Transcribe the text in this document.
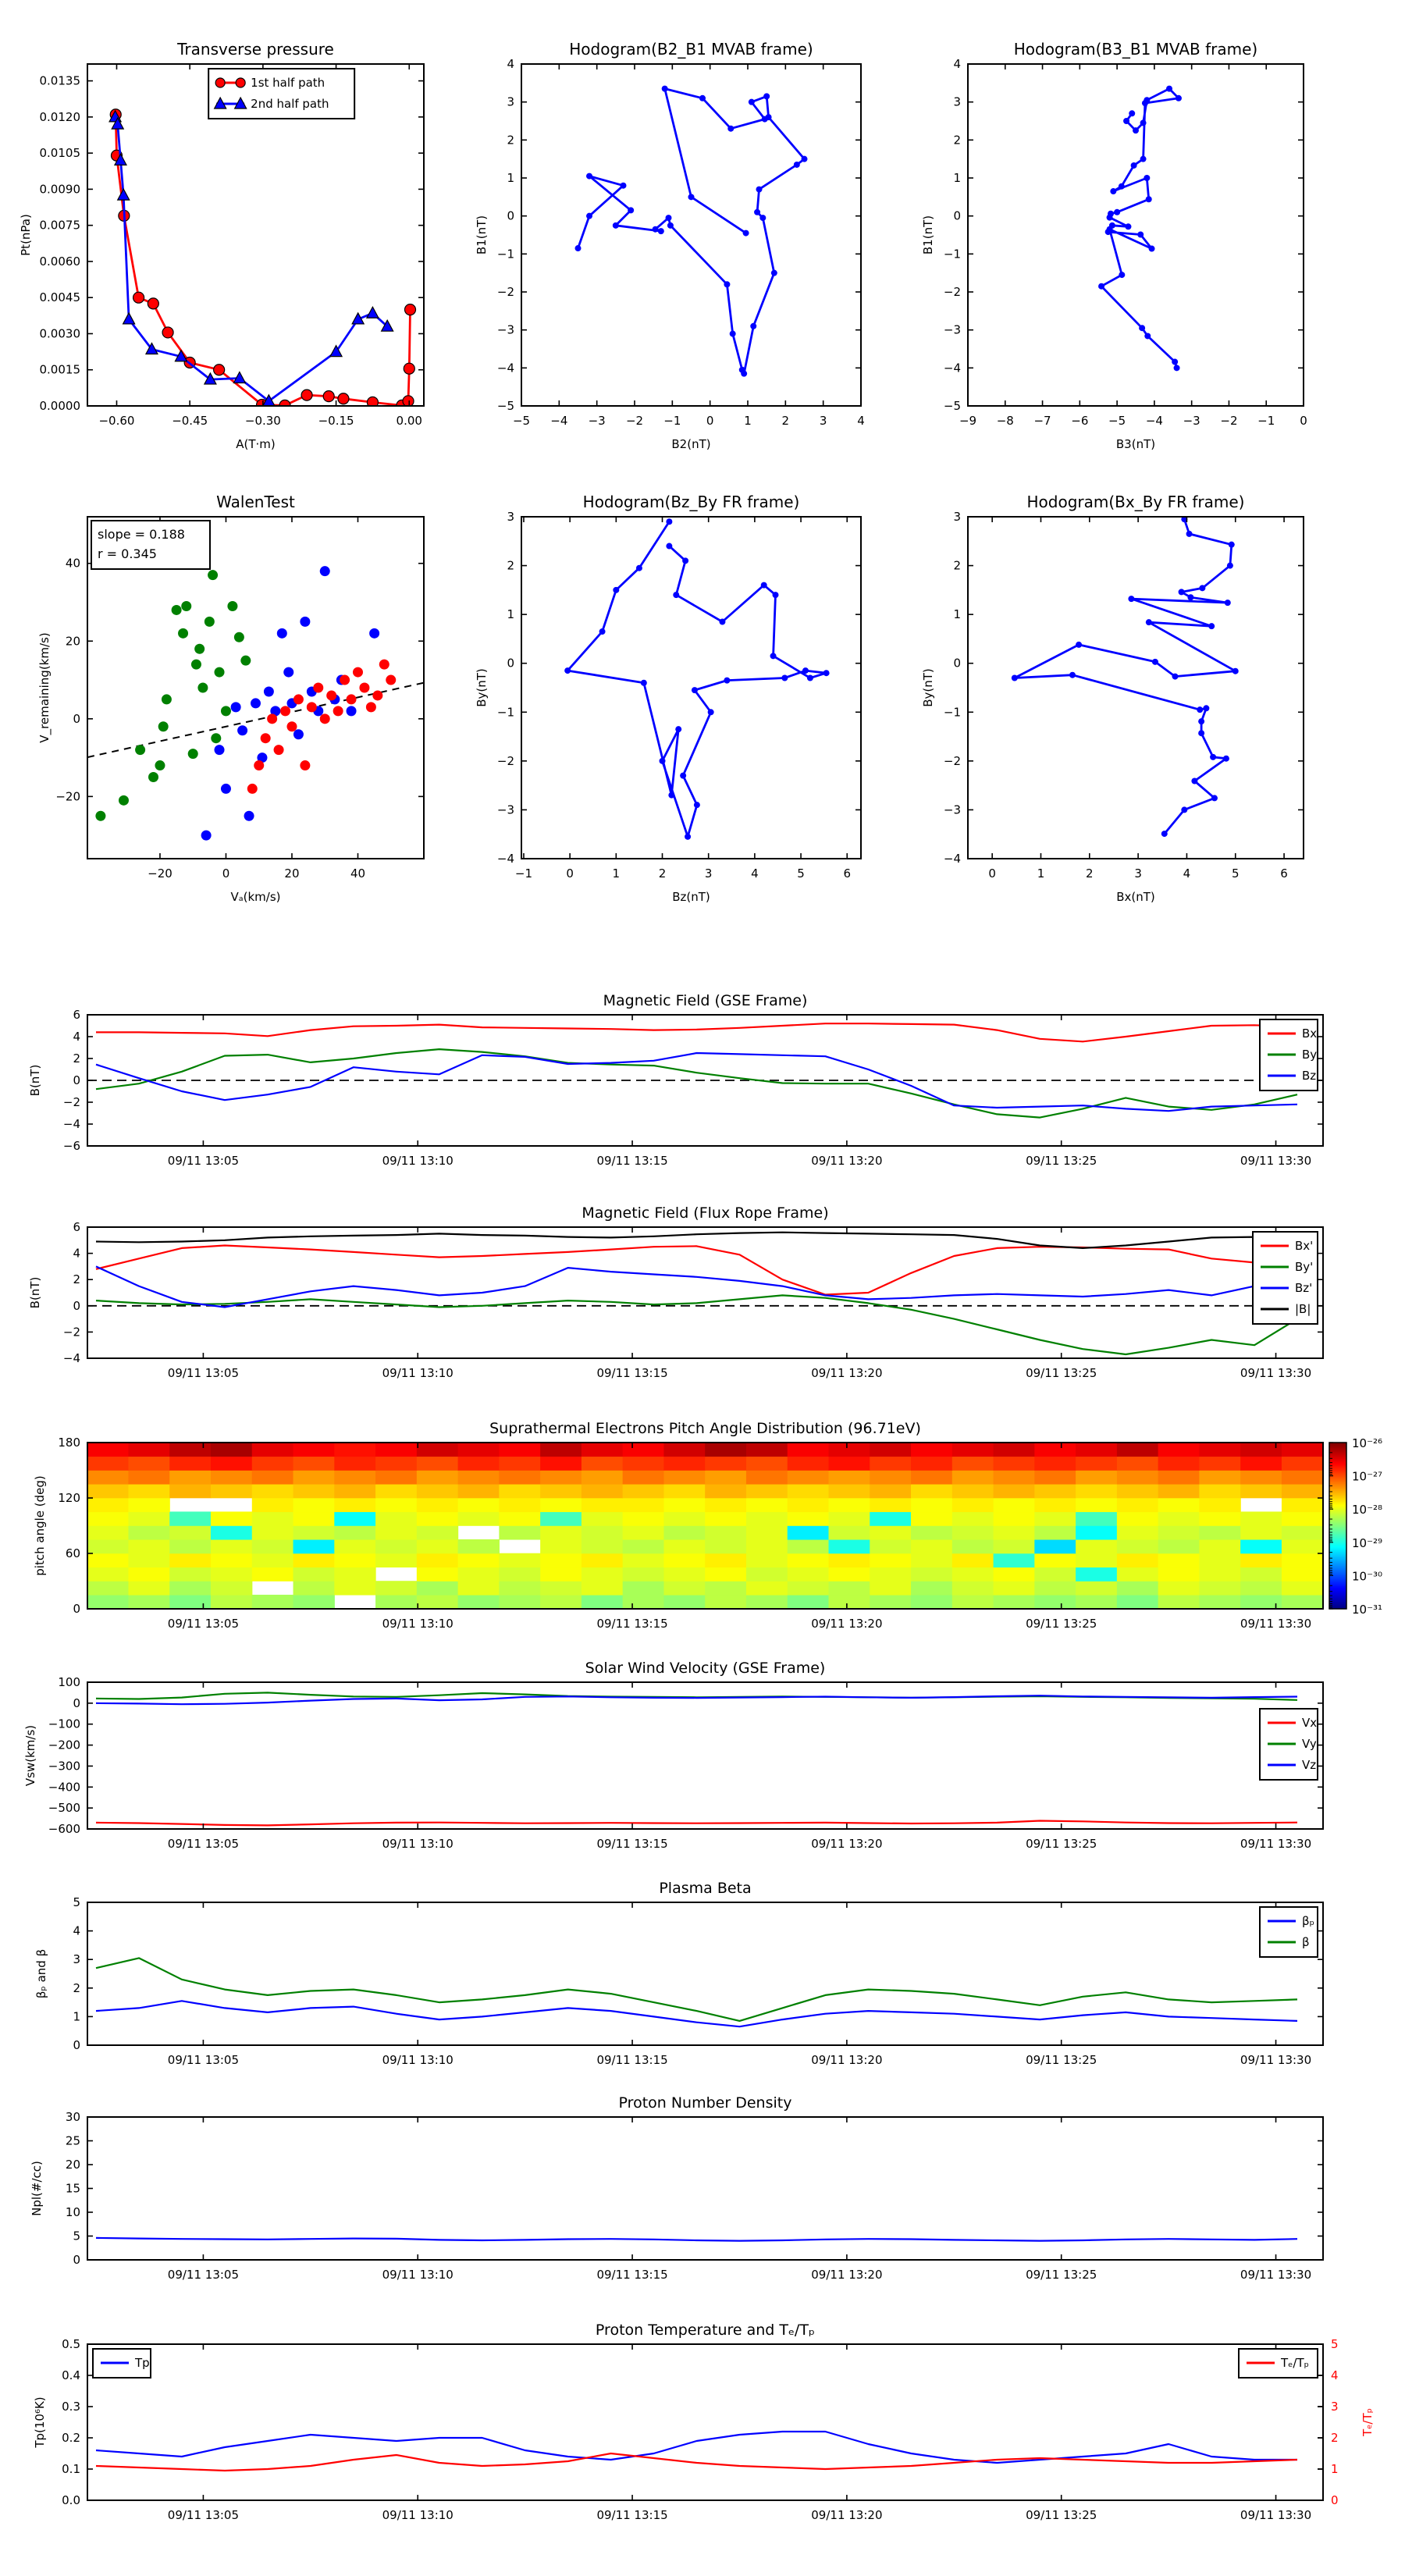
−0.60	−0.45	−0.30	−0.15	0.00
0.0000
0.0015
0.0030
0.0045
0.0060
0.0075
0.0090
0.0105
0.0120
0.0135
Transverse pressure
A(T·m)
Pt(nPa)
1st half path
2nd half path
−5 −4 −3 −2 −1 0	1	2	3	4
−5
−4
−3
−2
−1
0
1
2
3
4
Hodogram(B2_B1 MVAB frame)
B2(nT)
B1(nT)
−9 −8 −7 −6 −5 −4 −3 −2 −1 0
−5
−4
−3
−2
−1
0
1
2
3
4
Hodogram(B3_B1 MVAB frame)
B3(nT)
B1(nT)
−20	0	20	40
−20
0
20
40
WalenTest
Vₐ(km/s)
V_remaining(km/s)
slope = 0.188
r = 0.345
−1	0	1	2	3	4	5	6
−4
−3
−2
−1
0
1
2
3
Hodogram(Bz_By FR frame)
Bz(nT)
By(nT)
0	1	2	3	4	5	6
−4
−3
−2
−1
0
1
2
3
Hodogram(Bx_By FR frame)
Bx(nT)
By(nT)
09/11 13:05	09/11 13:10	09/11 13:15	09/11 13:20	09/11 13:25	09/11 13:30
−6
−4
−2
0
2
4
6
Magnetic Field (GSE Frame)
B(nT)
Bx
By
Bz
09/11 13:05	09/11 13:10	09/11 13:15	09/11 13:20	09/11 13:25	09/11 13:30
−4
−2
0
2
4
6
Magnetic Field (Flux Rope Frame)
B(nT)
Bx'
By'
Bz'
|B|
09/11 13:05	09/11 13:10	09/11 13:15	09/11 13:20	09/11 13:25	09/11 13:30
0
60
120
180
Suprathermal Electrons Pitch Angle Distribution (96.71eV)
pitch angle (deg)
10⁻²⁶
10⁻²⁷
10⁻²⁸
10⁻²⁹
10⁻³⁰
10⁻³¹
09/11 13:05	09/11 13:10	09/11 13:15	09/11 13:20	09/11 13:25	09/11 13:30
−600
−500
−400
−300
−200
−100
0
100
Solar Wind Velocity (GSE Frame)
Vsw(km/s)
Vx
Vy
Vz
09/11 13:05	09/11 13:10	09/11 13:15	09/11 13:20	09/11 13:25	09/11 13:30
0
1
2
3
4
5
Plasma Beta
βₚ and β
βₚ
β
09/11 13:05	09/11 13:10	09/11 13:15	09/11 13:20	09/11 13:25	09/11 13:30
0
5
10
15
20
25
30
Proton Number Density
Npl(#/cc)
09/11 13:05	09/11 13:10	09/11 13:15	09/11 13:20	09/11 13:25	09/11 13:30
0.0
0.1
0.2
0.3
0.4
0.5
0
1
2
3
4
5
Tₑ/Tₚ
Proton Temperature and Tₑ/Tₚ
Tp(10⁶K)
Tp	Tₑ/Tₚ
